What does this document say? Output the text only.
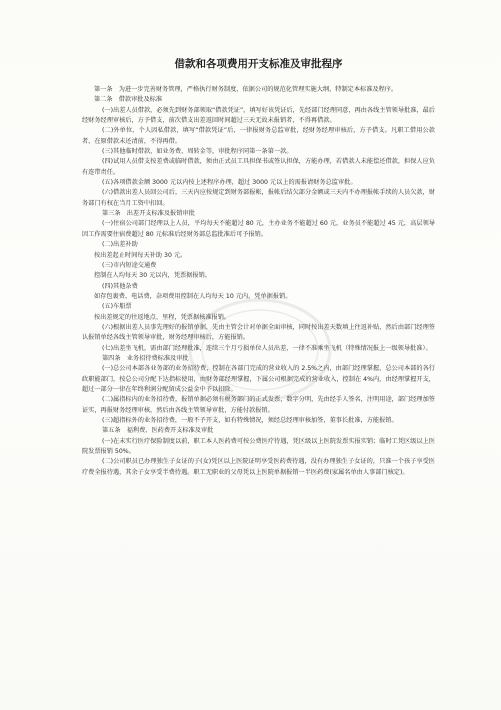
借款和各项费用开支标准及审批程序

第一条　为进一步完善财务管理，严格执行财务制度，依据公司的规范化管理实施大纲，特制定本标准及程序。

第二条　借款审批及标准

(一)出差人员借款，必须先到财务部领取“借款凭证”，填写好该凭证后，先经部门经理同意，再由各线主管领导批准，最后经财务经理审核后，方予借支，前次借支出差返回时间超过三天无故未报销者，不得再借款。

(二)外单位、个人因私借款，填写“借款凭证”后，一律报财务总监审批，经财务经理审核后，方予借支。凡职工借用公款者，在原借款未还清前，不得再借。

(三)其他临时借款，如业务费、周转金等，审批程序同第一条第一款。

(四)试用人员借支按差费或临时借款，须由正式员工具担保书或签认担保，方能办理，若借款人未能偿还借款，担保人应负有连带责任。

(五)各项借款金额 3000 元以内按上述程序办理，超过 3000 元以上的需报请财务总监审批。

(六)借款出差人员回公司后，三天内应按规定到财务部报帐，报帐后结欠部分金额或三天内不办理报帐手续的人员欠款，财务部门有权在当月工资中扣回。

第三条　出差开支标准及报销审批

(一)住宿公司部门经理以上人员，平均每天不能超过 80 元，主办业务不能超过 60 元，业务员不能超过 45 元，高层领导因工作需要住宿费超过 80 元标准后经财务部总监批准后可予报销。

(二)出差补助

按出差起止时间每天补助 30 元。

(三)市内短途交通费

控制在人均每天 30 元以内，凭票据报销。

(四)其他杂费

如存包裹费、电话费，杂项费用控制在人均每天 10 元内，凭单据报销。

(五)车船票

按出差规定的往返地点、里程，凭票据核准报销。

(六)根据出差人员事先理好的报销单据，先由主管会计对单据全面审核，同时按出差天数填上往返补贴，然后由部门经理签认报销单经各线主管领导审批，财务经理审核后，方能报销。

(七)出差坐飞机，需由部门经理批准，连续三个月亏损单位人员出差，一律不准乘坐飞机（特殊情况报上一级领导批准）。

第四条　业务招待费标准及审批

(一)总公司本部各业务部的业务招待费，控制在各部门完成的营业收入的 2.5%之内，由部门经理掌握，总公司本部的各行政职能部门，按总公司分配下达指标使用，由财务部经理掌握，下属公司根据完成的营业收入，控制在 4%内，由经理掌握开支，超过一部分一律在年终利润分配留成公益金中予以扣除。

(二)属指标内的业务招待费，报销单据必须有税务部门的正式发票，数字分明，先由经手人签名，注明用途，部门经理加签证实，再报财务经理审核，然后由各线主管领导审批，方能付款报销。

(三)超指标外的业务招待费，一般不予开支，如有特殊情况，须经总经理审核加签，董事长批准，方能报销。

第五条　福利费、医药费开支标准及审批

(一)在未实行医疗保险制度以前，职工本人医药费可按公费医疗待遇，凭区级以上医院发票实报实销；临时工凭区级以上医院发票报销 50%。

(二)公司职员已办理独生子女证的子(女)凭区以上医院证明享受医药费待遇，没有办理独生子女证的，只准一个孩子享受医疗费全报待遇，其余子女享受半费待遇。职工无职业的父母凭以上医院单据报销一半医药费(家属名单由人事部门核定)。
